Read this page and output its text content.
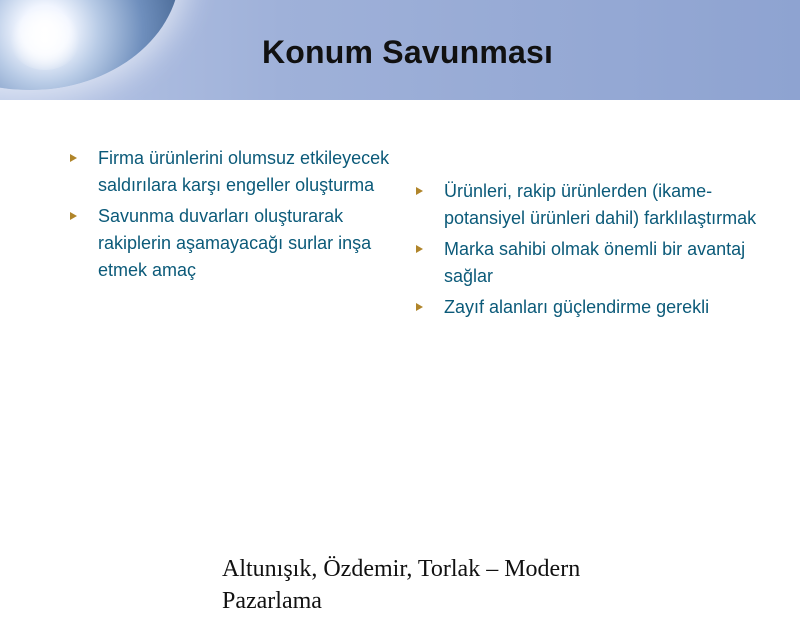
Konum Savunması
Firma ürünlerini olumsuz etkileyecek saldırılara karşı engeller oluşturma
Savunma duvarları oluşturarak rakiplerin aşamayacağı surlar inşa etmek amaç
Ürünleri, rakip ürünlerden (ikame-potansiyel ürünleri dahil) farklılaştırmak
Marka sahibi olmak önemli bir avantaj sağlar
Zayıf alanları güçlendirme gerekli
Altunışık, Özdemir, Torlak – Modern Pazarlama
